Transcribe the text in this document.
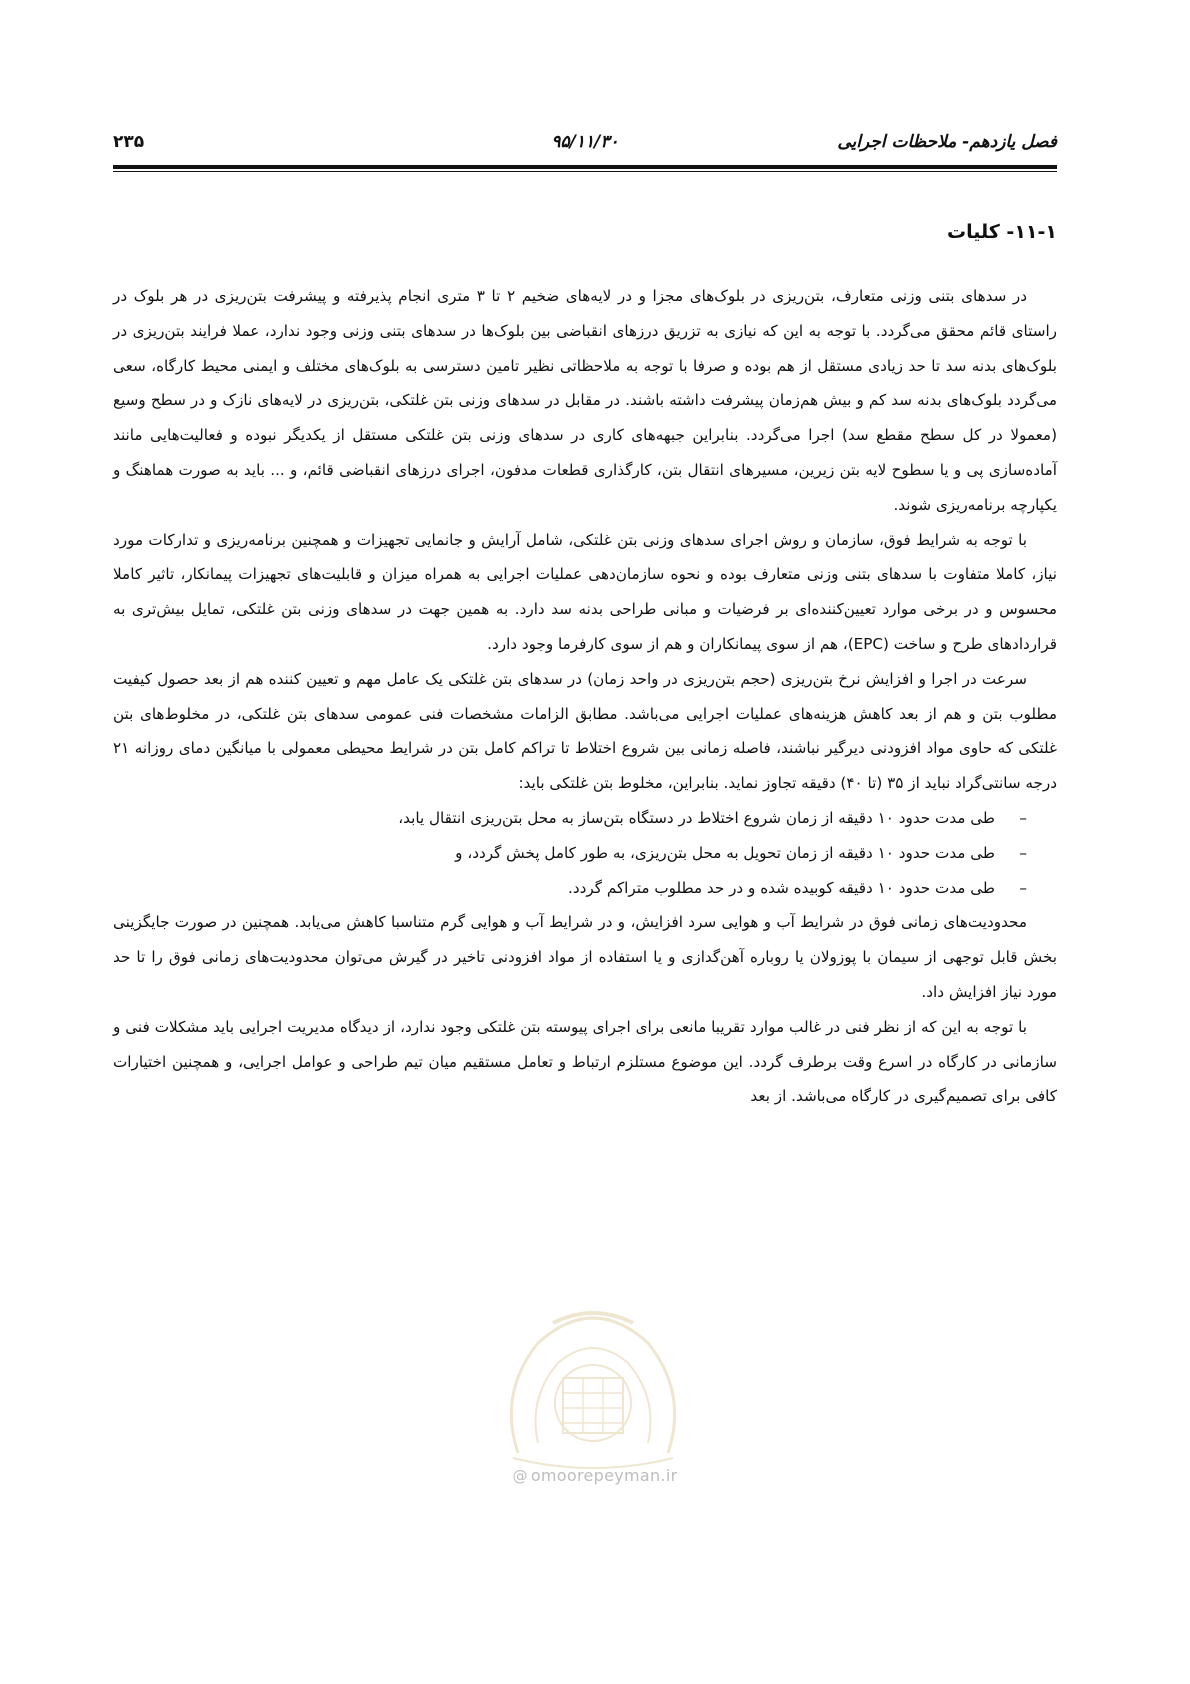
فصل یازدهم- ملاحظات اجرایی
۹۵/۱۱/۳۰
۲۳۵
۱۱-۱- کلیات

در سدهای بتنی وزنی متعارف، بتن‌ریزی در بلوک‌های مجزا و در لایه‌های ضخیم ۲ تا ۳ متری انجام پذیرفته و پیشرفت بتن‌ریزی در هر بلوک در راستای قائم محقق می‌گردد. با توجه به این که نیازی به تزریق درزهای انقباضی بین بلوک‌ها در سدهای بتنی وزنی وجود ندارد، عملا فرایند بتن‌ریزی در بلوک‌های بدنه سد تا حد زیادی مستقل از هم بوده و صرفا با توجه به ملاحظاتی نظیر تامین دسترسی به بلوک‌های مختلف و ایمنی محیط کارگاه، سعی می‌گردد بلوک‌های بدنه سد کم و بیش هم‌زمان پیشرفت داشته باشند. در مقابل در سدهای وزنی بتن غلتکی، بتن‌ریزی در لایه‌های نازک و در سطح وسیع (معمولا در کل سطح مقطع سد) اجرا می‌گردد. بنابراین جبهه‌های کاری در سدهای وزنی بتن غلتکی مستقل از یکدیگر نبوده و فعالیت‌هایی مانند آماده‌سازی پی و یا سطوح لایه بتن زیرین، مسیرهای انتقال بتن، کارگذاری قطعات مدفون، اجرای درزهای انقباضی قائم، و ... باید به صورت هماهنگ و یکپارچه برنامه‌ریزی شوند.

با توجه به شرایط فوق، سازمان و روش اجرای سدهای وزنی بتن غلتکی، شامل آرایش و جانمایی تجهیزات و همچنین برنامه‌ریزی و تدارکات مورد نیاز، کاملا متفاوت با سدهای بتنی وزنی متعارف بوده و نحوه سازمان‌دهی عملیات اجرایی به همراه میزان و قابلیت‌های تجهیزات پیمانکار، تاثیر کاملا محسوس و در برخی موارد تعیین‌کننده‌ای بر فرضیات و مبانی طراحی بدنه سد دارد. به همین جهت در سدهای وزنی بتن غلتکی، تمایل بیش‌تری به قراردادهای طرح و ساخت (EPC)، هم از سوی پیمانکاران و هم از سوی کارفرما وجود دارد.

سرعت در اجرا و افزایش نرخ بتن‌ریزی (حجم بتن‌ریزی در واحد زمان) در سدهای بتن غلتکی یک عامل مهم و تعیین کننده هم از بعد حصول کیفیت مطلوب بتن و هم از بعد کاهش هزینه‌های عملیات اجرایی می‌باشد. مطابق الزامات مشخصات فنی عمومی سدهای بتن غلتکی، در مخلوط‌های بتن غلتکی که حاوی مواد افزودنی دیرگیر نباشند، فاصله زمانی بین شروع اختلاط تا تراکم کامل بتن در شرایط محیطی معمولی با میانگین دمای روزانه ۲۱ درجه سانتی‌گراد نباید از ۳۵ (تا ۴۰) دقیقه تجاوز نماید. بنابراین، مخلوط بتن غلتکی باید:

–
طی مدت حدود ۱۰ دقیقه از زمان شروع اختلاط در دستگاه بتن‌ساز به محل بتن‌ریزی انتقال یابد،
–
طی مدت حدود ۱۰ دقیقه از زمان تحویل به محل بتن‌ریزی، به طور کامل پخش گردد، و
–
طی مدت حدود ۱۰ دقیقه کوبیده شده و در حد مطلوب متراکم گردد.

محدودیت‌های زمانی فوق در شرایط آب و هوایی سرد افزایش، و در شرایط آب و هوایی گرم متناسبا کاهش می‌یابد. همچنین در صورت جایگزینی بخش قابل توجهی از سیمان با پوزولان یا روباره آهن‌گدازی و یا استفاده از مواد افزودنی تاخیر در گیرش می‌توان محدودیت‌های زمانی فوق را تا حد مورد نیاز افزایش داد.

با توجه به این که از نظر فنی در غالب موارد تقریبا مانعی برای اجرای پیوسته بتن غلتکی وجود ندارد، از دیدگاه مدیریت اجرایی باید مشکلات فنی و سازمانی در کارگاه در اسرع وقت برطرف گردد. این موضوع مستلزم ارتباط و تعامل مستقیم میان تیم طراحی و عوامل اجرایی، و همچنین اختیارات کافی برای تصمیم‌گیری در کارگاه می‌باشد. از بعد

@ omoorepeyman.ir
